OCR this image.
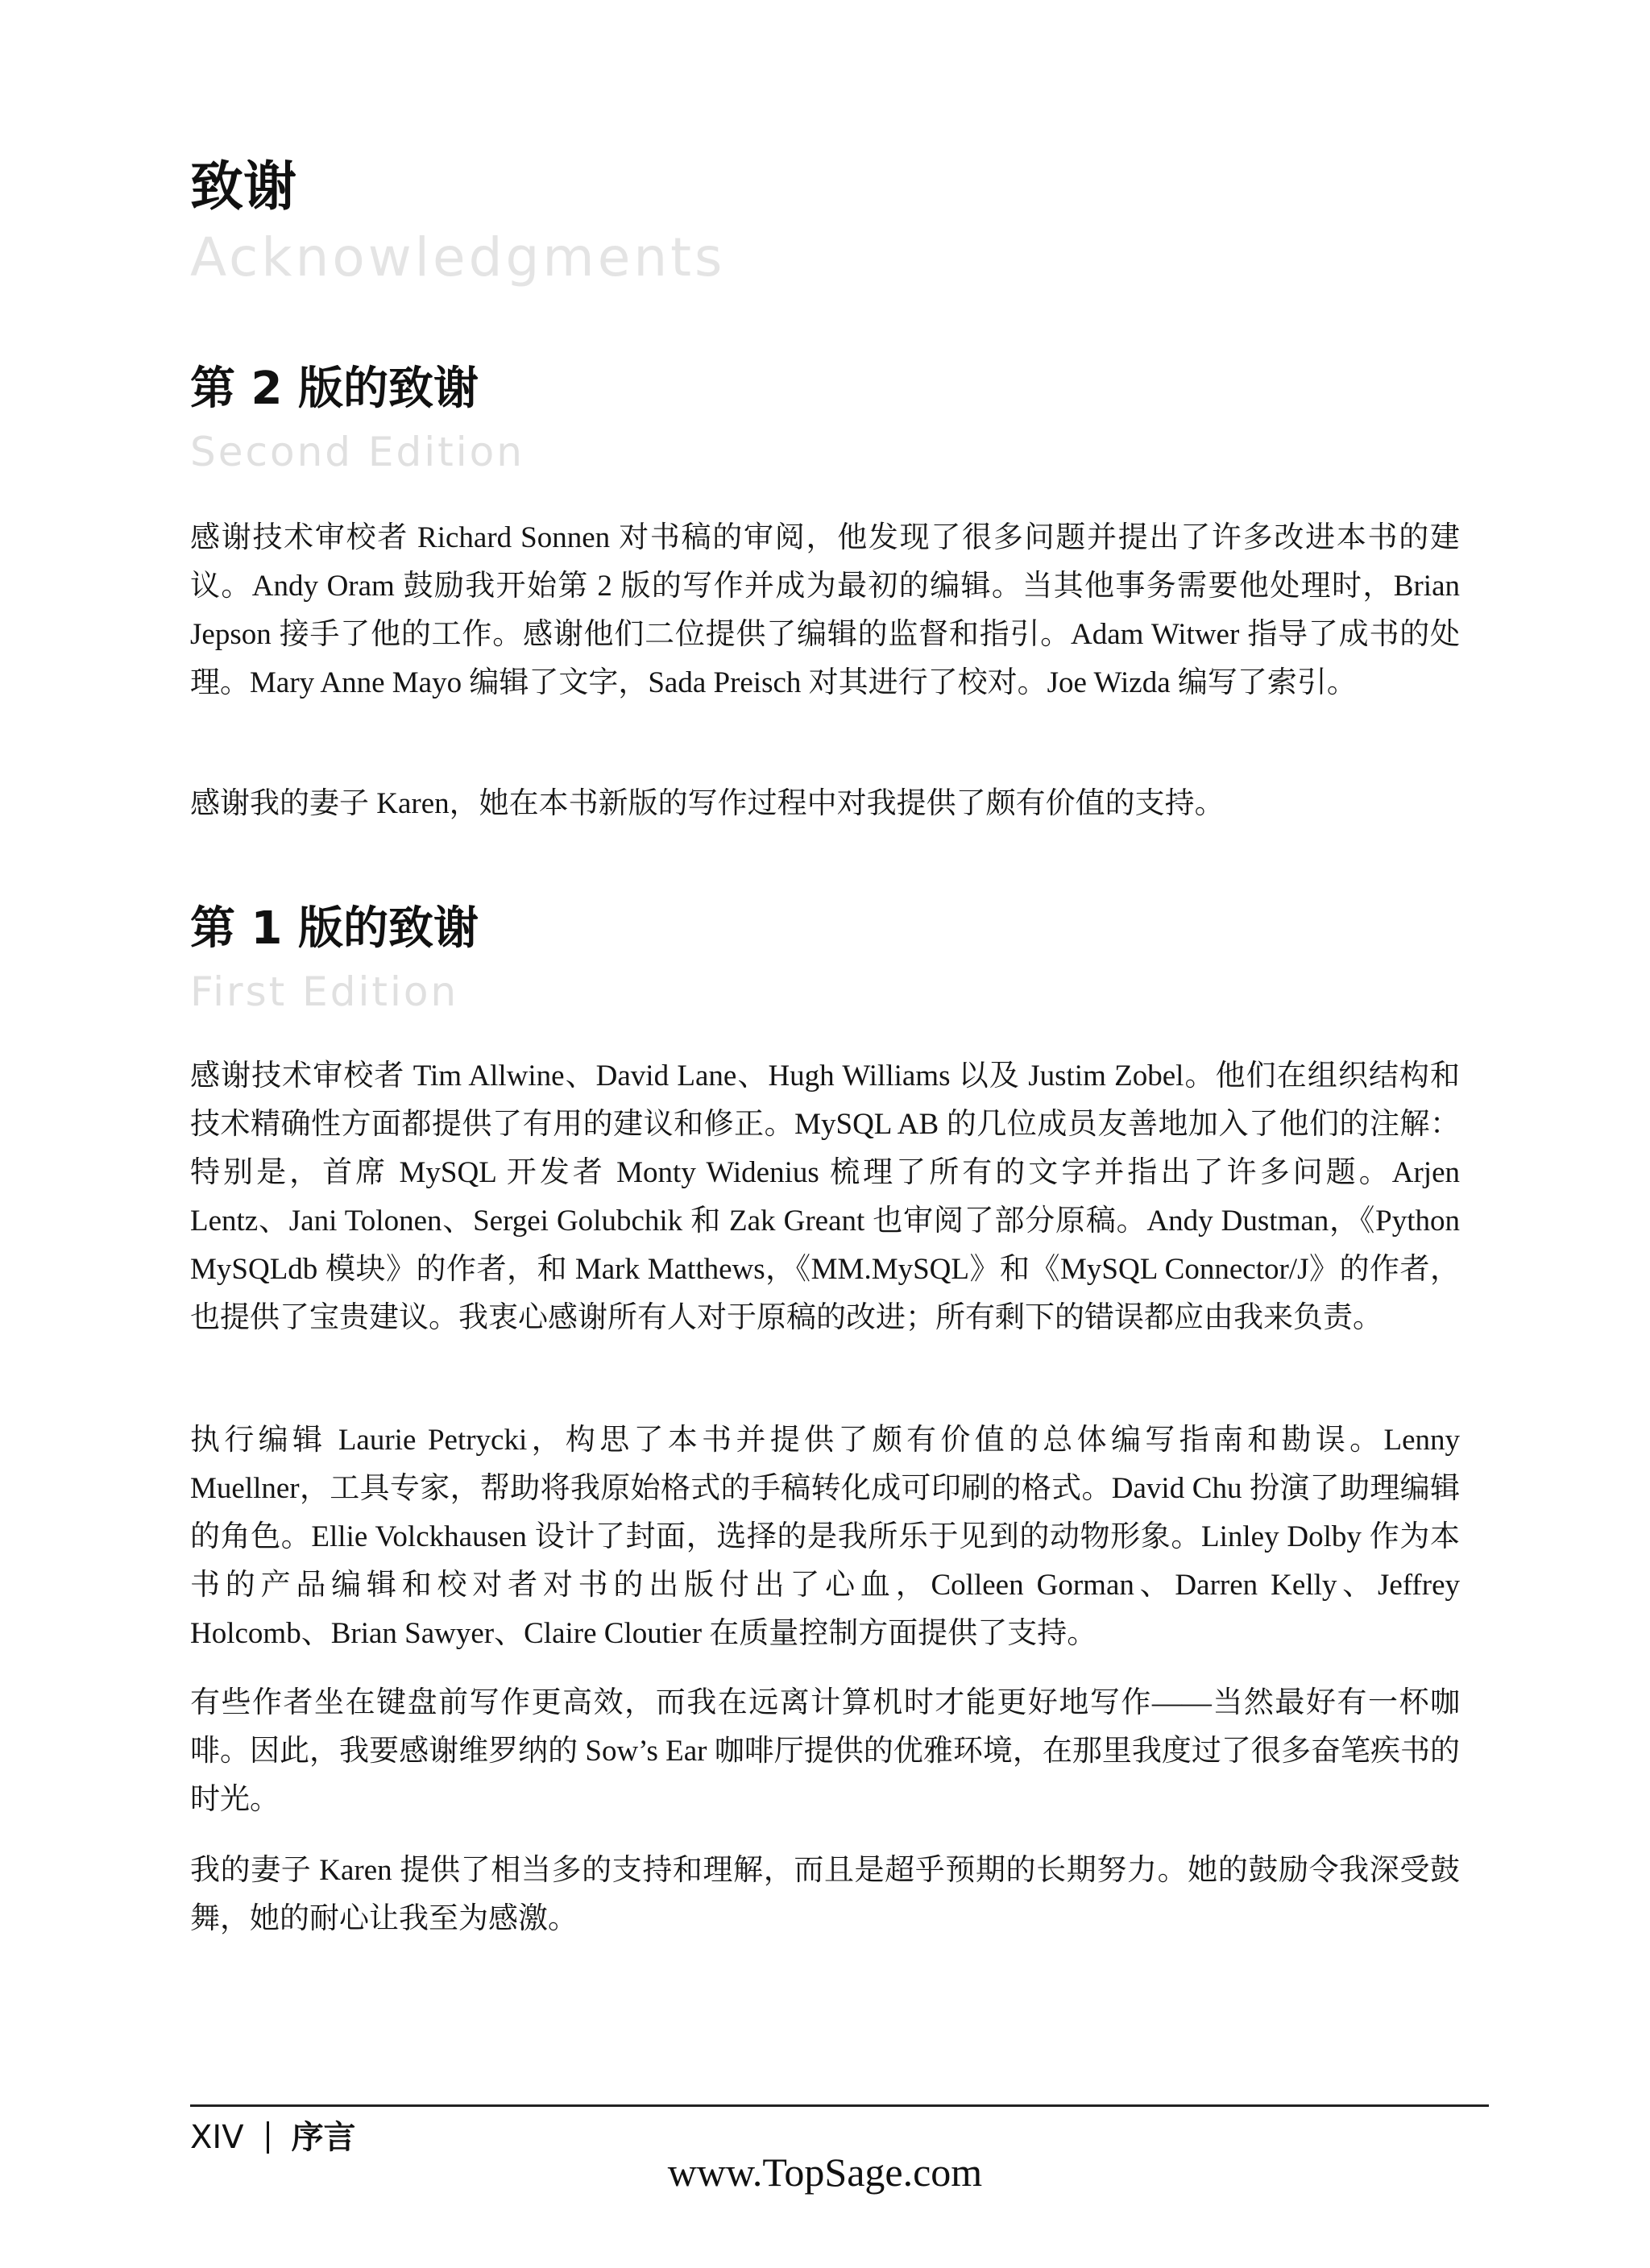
致谢
Acknowledgments
第 2 版的致谢
Second Edition

感谢技术审校者 Richard Sonnen 对书稿的审阅，他发现了很多问题并提出了许多改进本书的建议。Andy Oram 鼓励我开始第 2 版的写作并成为最初的编辑。当其他事务需要他处理时，Brian Jepson 接手了他的工作。感谢他们二位提供了编辑的监督和指引。Adam Witwer 指导了成书的处理。Mary Anne Mayo 编辑了文字，Sada Preisch 对其进行了校对。Joe Wizda 编写了索引。

感谢我的妻子 Karen，她在本书新版的写作过程中对我提供了颇有价值的支持。

第 1 版的致谢
First Edition

感谢技术审校者 Tim Allwine、David Lane、Hugh Williams 以及 Justim Zobel。他们在组织结构和技术精确性方面都提供了有用的建议和修正。MySQL AB 的几位成员友善地加入了他们的注解：特别是，首席 MySQL 开发者 Monty Widenius 梳理了所有的文字并指出了许多问题。Arjen Lentz、Jani Tolonen、Sergei Golubchik 和 Zak Greant 也审阅了部分原稿。Andy Dustman，《Python MySQLdb 模块》的作者，和 Mark Matthews，《MM.MySQL》和《MySQL Connector/J》的作者，也提供了宝贵建议。我衷心感谢所有人对于原稿的改进；所有剩下的错误都应由我来负责。

执行编辑 Laurie Petrycki，构思了本书并提供了颇有价值的总体编写指南和勘误。Lenny Muellner，工具专家，帮助将我原始格式的手稿转化成可印刷的格式。David Chu 扮演了助理编辑的角色。Ellie Volckhausen 设计了封面，选择的是我所乐于见到的动物形象。Linley Dolby 作为本书的产品编辑和校对者对书的出版付出了心血，Colleen Gorman、Darren Kelly、Jeffrey Holcomb、Brian Sawyer、Claire Cloutier 在质量控制方面提供了支持。

有些作者坐在键盘前写作更高效，而我在远离计算机时才能更好地写作——当然最好有一杯咖啡。因此，我要感谢维罗纳的 Sow’s Ear 咖啡厅提供的优雅环境，在那里我度过了很多奋笔疾书的时光。

我的妻子 Karen 提供了相当多的支持和理解，而且是超乎预期的长期努力。她的鼓励令我深受鼓舞，她的耐心让我至为感激。

XIV 序言
www.TopSage.com
